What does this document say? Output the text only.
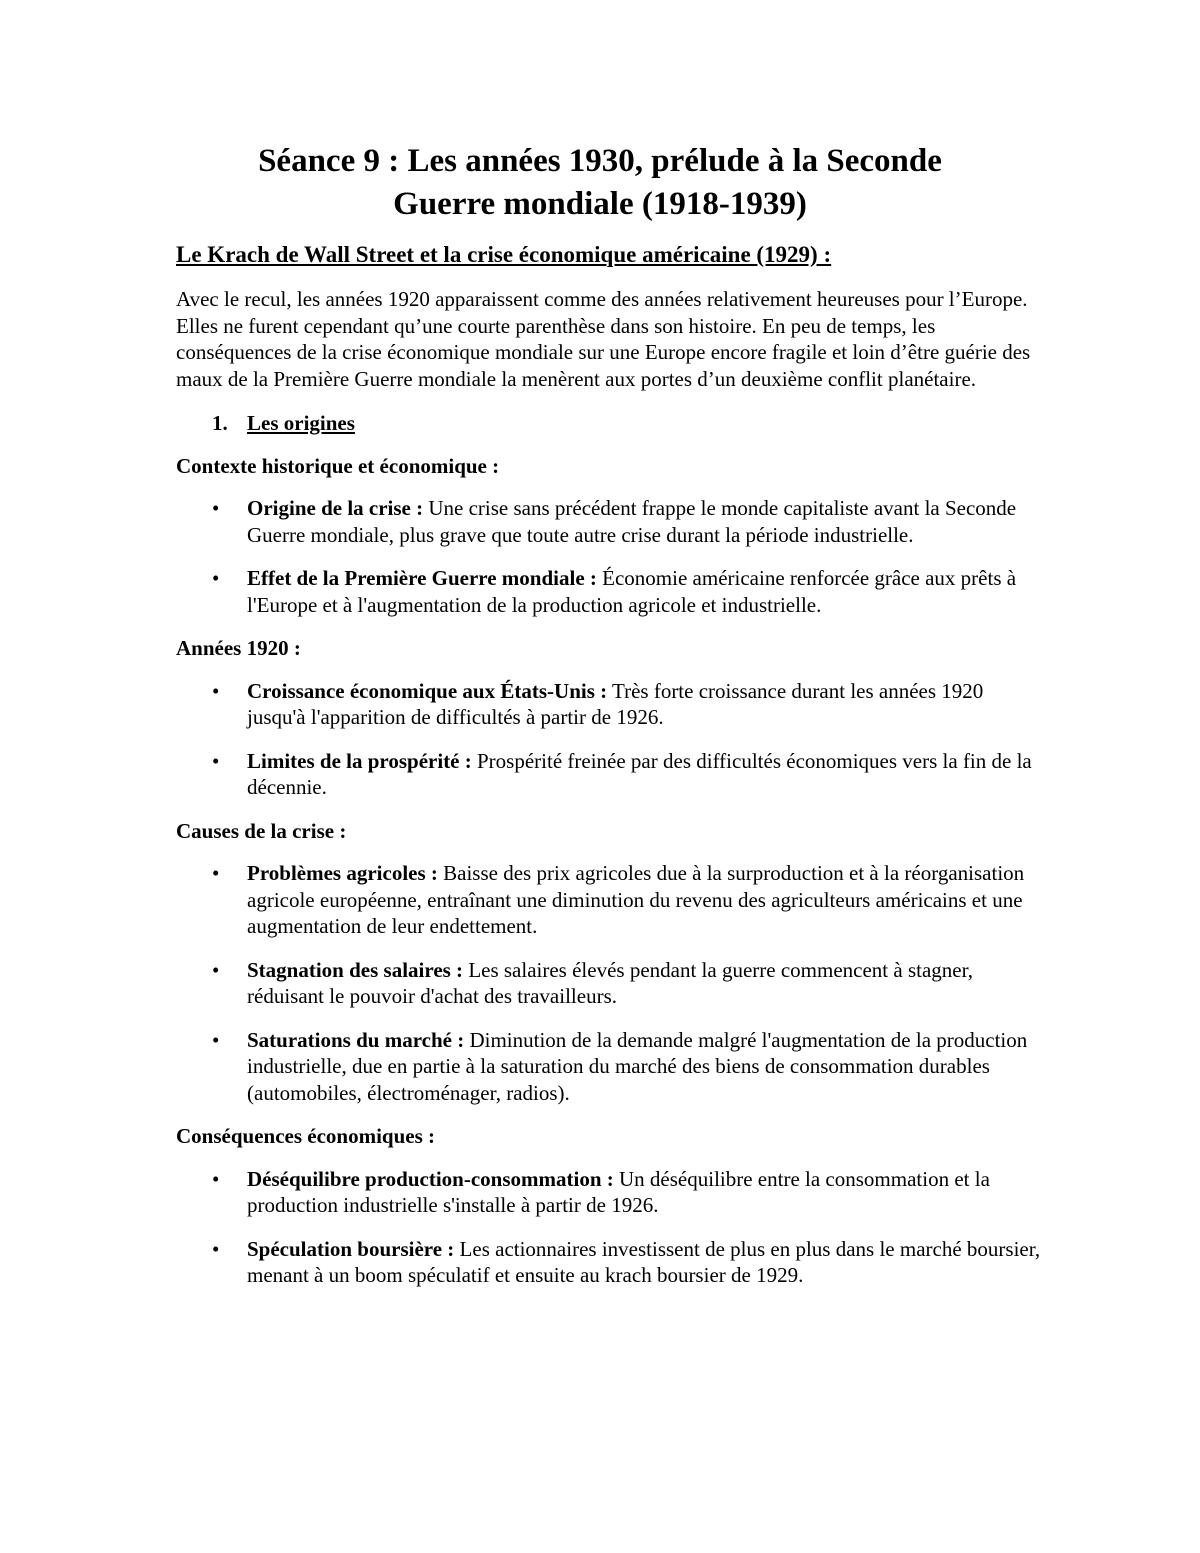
Séance 9 : Les années 1930, prélude à la Seconde
Guerre mondiale (1918-1939)
Le Krach de Wall Street et la crise économique américaine (1929) :

Avec le recul, les années 1920 apparaissent comme des années relativement heureuses pour l’Europe. Elles ne furent cependant qu’une courte parenthèse dans son histoire. En peu de temps, les conséquences de la crise économique mondiale sur une Europe encore fragile et loin d’être guérie des maux de la Première Guerre mondiale la menèrent aux portes d’un deuxième conflit planétaire.

1. Les origines
Contexte historique et économique :
• Origine de la crise : Une crise sans précédent frappe le monde capitaliste avant la Seconde Guerre mondiale, plus grave que toute autre crise durant la période industrielle.
• Effet de la Première Guerre mondiale : Économie américaine renforcée grâce aux prêts à l'Europe et à l'augmentation de la production agricole et industrielle.
Années 1920 :
• Croissance économique aux États-Unis : Très forte croissance durant les années 1920 jusqu'à l'apparition de difficultés à partir de 1926.
• Limites de la prospérité : Prospérité freinée par des difficultés économiques vers la fin de la décennie.
Causes de la crise :
• Problèmes agricoles : Baisse des prix agricoles due à la surproduction et à la réorganisation agricole européenne, entraînant une diminution du revenu des agriculteurs américains et une augmentation de leur endettement.
• Stagnation des salaires : Les salaires élevés pendant la guerre commencent à stagner, réduisant le pouvoir d'achat des travailleurs.
• Saturations du marché : Diminution de la demande malgré l'augmentation de la production industrielle, due en partie à la saturation du marché des biens de consommation durables (automobiles, électroménager, radios).
Conséquences économiques :
• Déséquilibre production-consommation : Un déséquilibre entre la consommation et la production industrielle s'installe à partir de 1926.
• Spéculation boursière : Les actionnaires investissent de plus en plus dans le marché boursier, menant à un boom spéculatif et ensuite au krach boursier de 1929.
